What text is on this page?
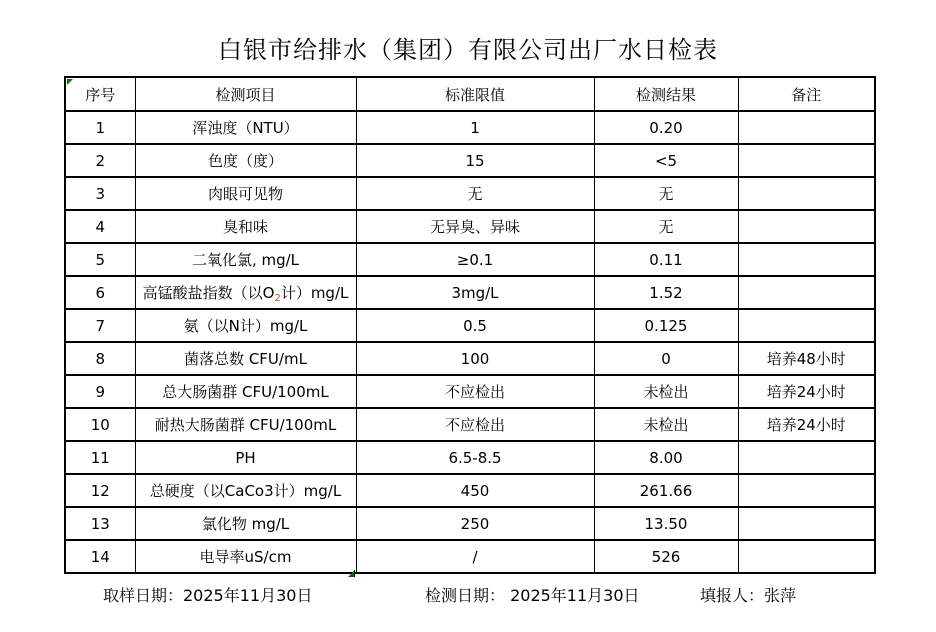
白银市给排水（集团）有限公司出厂水日检表
序号	检测项目	标准限值	检测结果	备注
1	浑浊度（NTU）	1	0.20	
2	色度（度）	15	<5	
3	肉眼可见物	无	无	
4	臭和味	无异臭、异味	无	
5	二氧化氯, mg/L	≥0.1	0.11	
6	高锰酸盐指数（以$O_2$计）mg/L	3mg/L	1.52	
7	氨（以N计）mg/L	0.5	0.125	
8	菌落总数 CFU/mL	100	0	培养48小时
9	总大肠菌群 CFU/100mL	不应检出	未检出	培养24小时
10	耐热大肠菌群 CFU/100mL	不应检出	未检出	培养24小时
11	PH	6.5-8.5	8.00	
12	总硬度（以CaCo3计）mg/L	450	261.66	
13	氯化物 mg/L	250	13.50	
14	电导率uS/cm	/	526	
取样日期：2025年11月30日	检测日期： 2025年11月30日	填报人：张萍
